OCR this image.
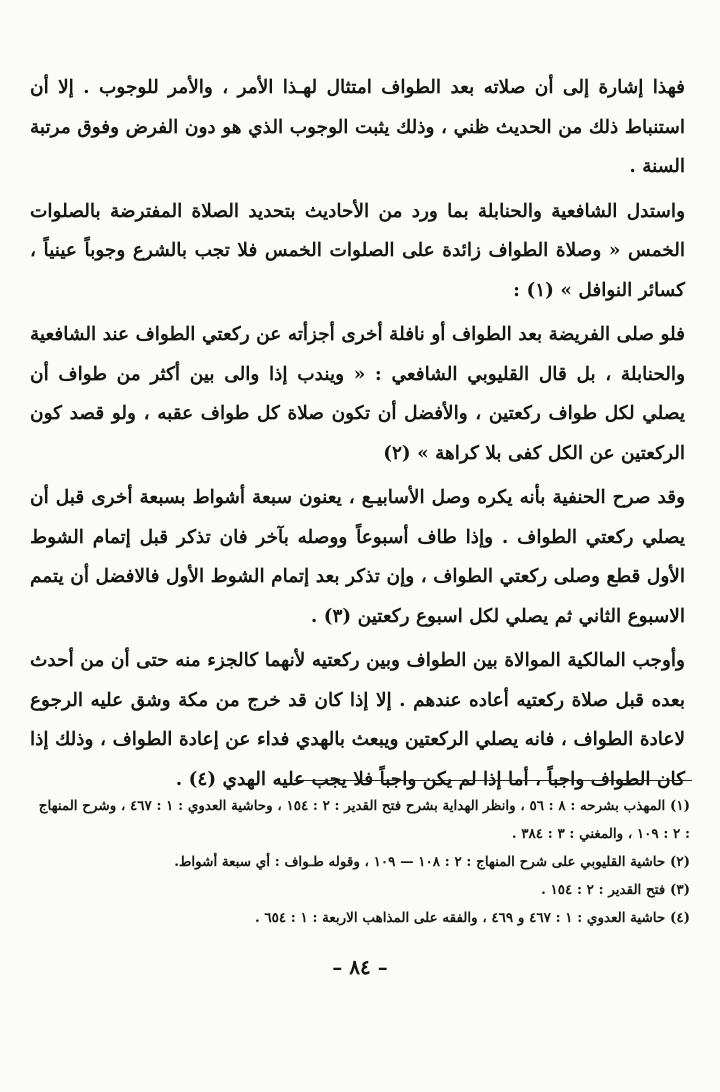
فهذا إشارة إلى أن صلاته بعد الطواف امتثال لهـذا الأمر ، والأمر للوجوب . إلا أن استنباط ذلك من الحديث ظني ، وذلك يثبت الوجوب الذي هو دون الفرض وفوق مرتبة السنة .

واستدل الشافعية والحنابلة بما ورد من الأحاديث بتحديد الصلاة المفترضة بالصلوات الخمس « وصلاة الطواف زائدة على الصلوات الخمس فلا تجب بالشرع وجوباً عينياً ، كسائر النوافل » (١) :

فلو صلى الفريضة بعد الطواف أو نافلة أخرى أجزأته عن ركعتي الطواف عند الشافعية والحنابلة ، بل قال القليوبي الشافعي : « ويندب إذا والى بين أكثر من طواف أن يصلي لكل طواف ركعتين ، والأفضل أن تكون صلاة كل طواف عقبه ، ولو قصد كون الركعتين عن الكل كفى بلا كراهة » (٢)

وقد صرح الحنفية بأنه يكره وصل الأسابيـع ، يعنون سبعة أشواط بسبعة أخرى قبل أن يصلي ركعتي الطواف . وإذا طاف أسبوعاً ووصله بآخر فان تذكر قبل إتمام الشوط الأول قطع وصلى ركعتي الطواف ، وإن تذكر بعد إتمام الشوط الأول فالافضل أن يتمم الاسبوع الثاني ثم يصلي لكل اسبوع ركعتين (٣) .

وأوجب المالكية الموالاة بين الطواف وبين ركعتيه لأنهما كالجزء منه حتى أن من أحدث بعده قبل صلاة ركعتيه أعاده عندهم . إلا إذا كان قد خرج من مكة وشق عليه الرجوع لاعادة الطواف ، فانه يصلي الركعتين ويبعث بالهدي فداء عن إعادة الطواف ، وذلك إذا كان الطواف واجباً ، أما إذا لم يكن واجباً فلا يجب عليه الهدي (٤) .

(١) المهذب بشرحه : ٨ : ٥٦ ، وانظر الهداية بشرح فتح القدير : ٢ : ١٥٤ ، وحاشية العدوي : ١ : ٤٦٧ ، وشرح المنهاج : ٢ : ١٠٩ ، والمغني : ٣ : ٣٨٤ .

(٢) حاشية القليوبي على شرح المنهاج : ٢ : ١٠٨ — ١٠٩ ، وقوله طـواف : أي سبعة أشواط.

(٣) فتح القدير : ٢ : ١٥٤ .

(٤) حاشية العدوي : ١ : ٤٦٧ و ٤٦٩ ، والفقه على المذاهب الاربعة : ١ : ٦٥٤ .

– ٨٤ –
